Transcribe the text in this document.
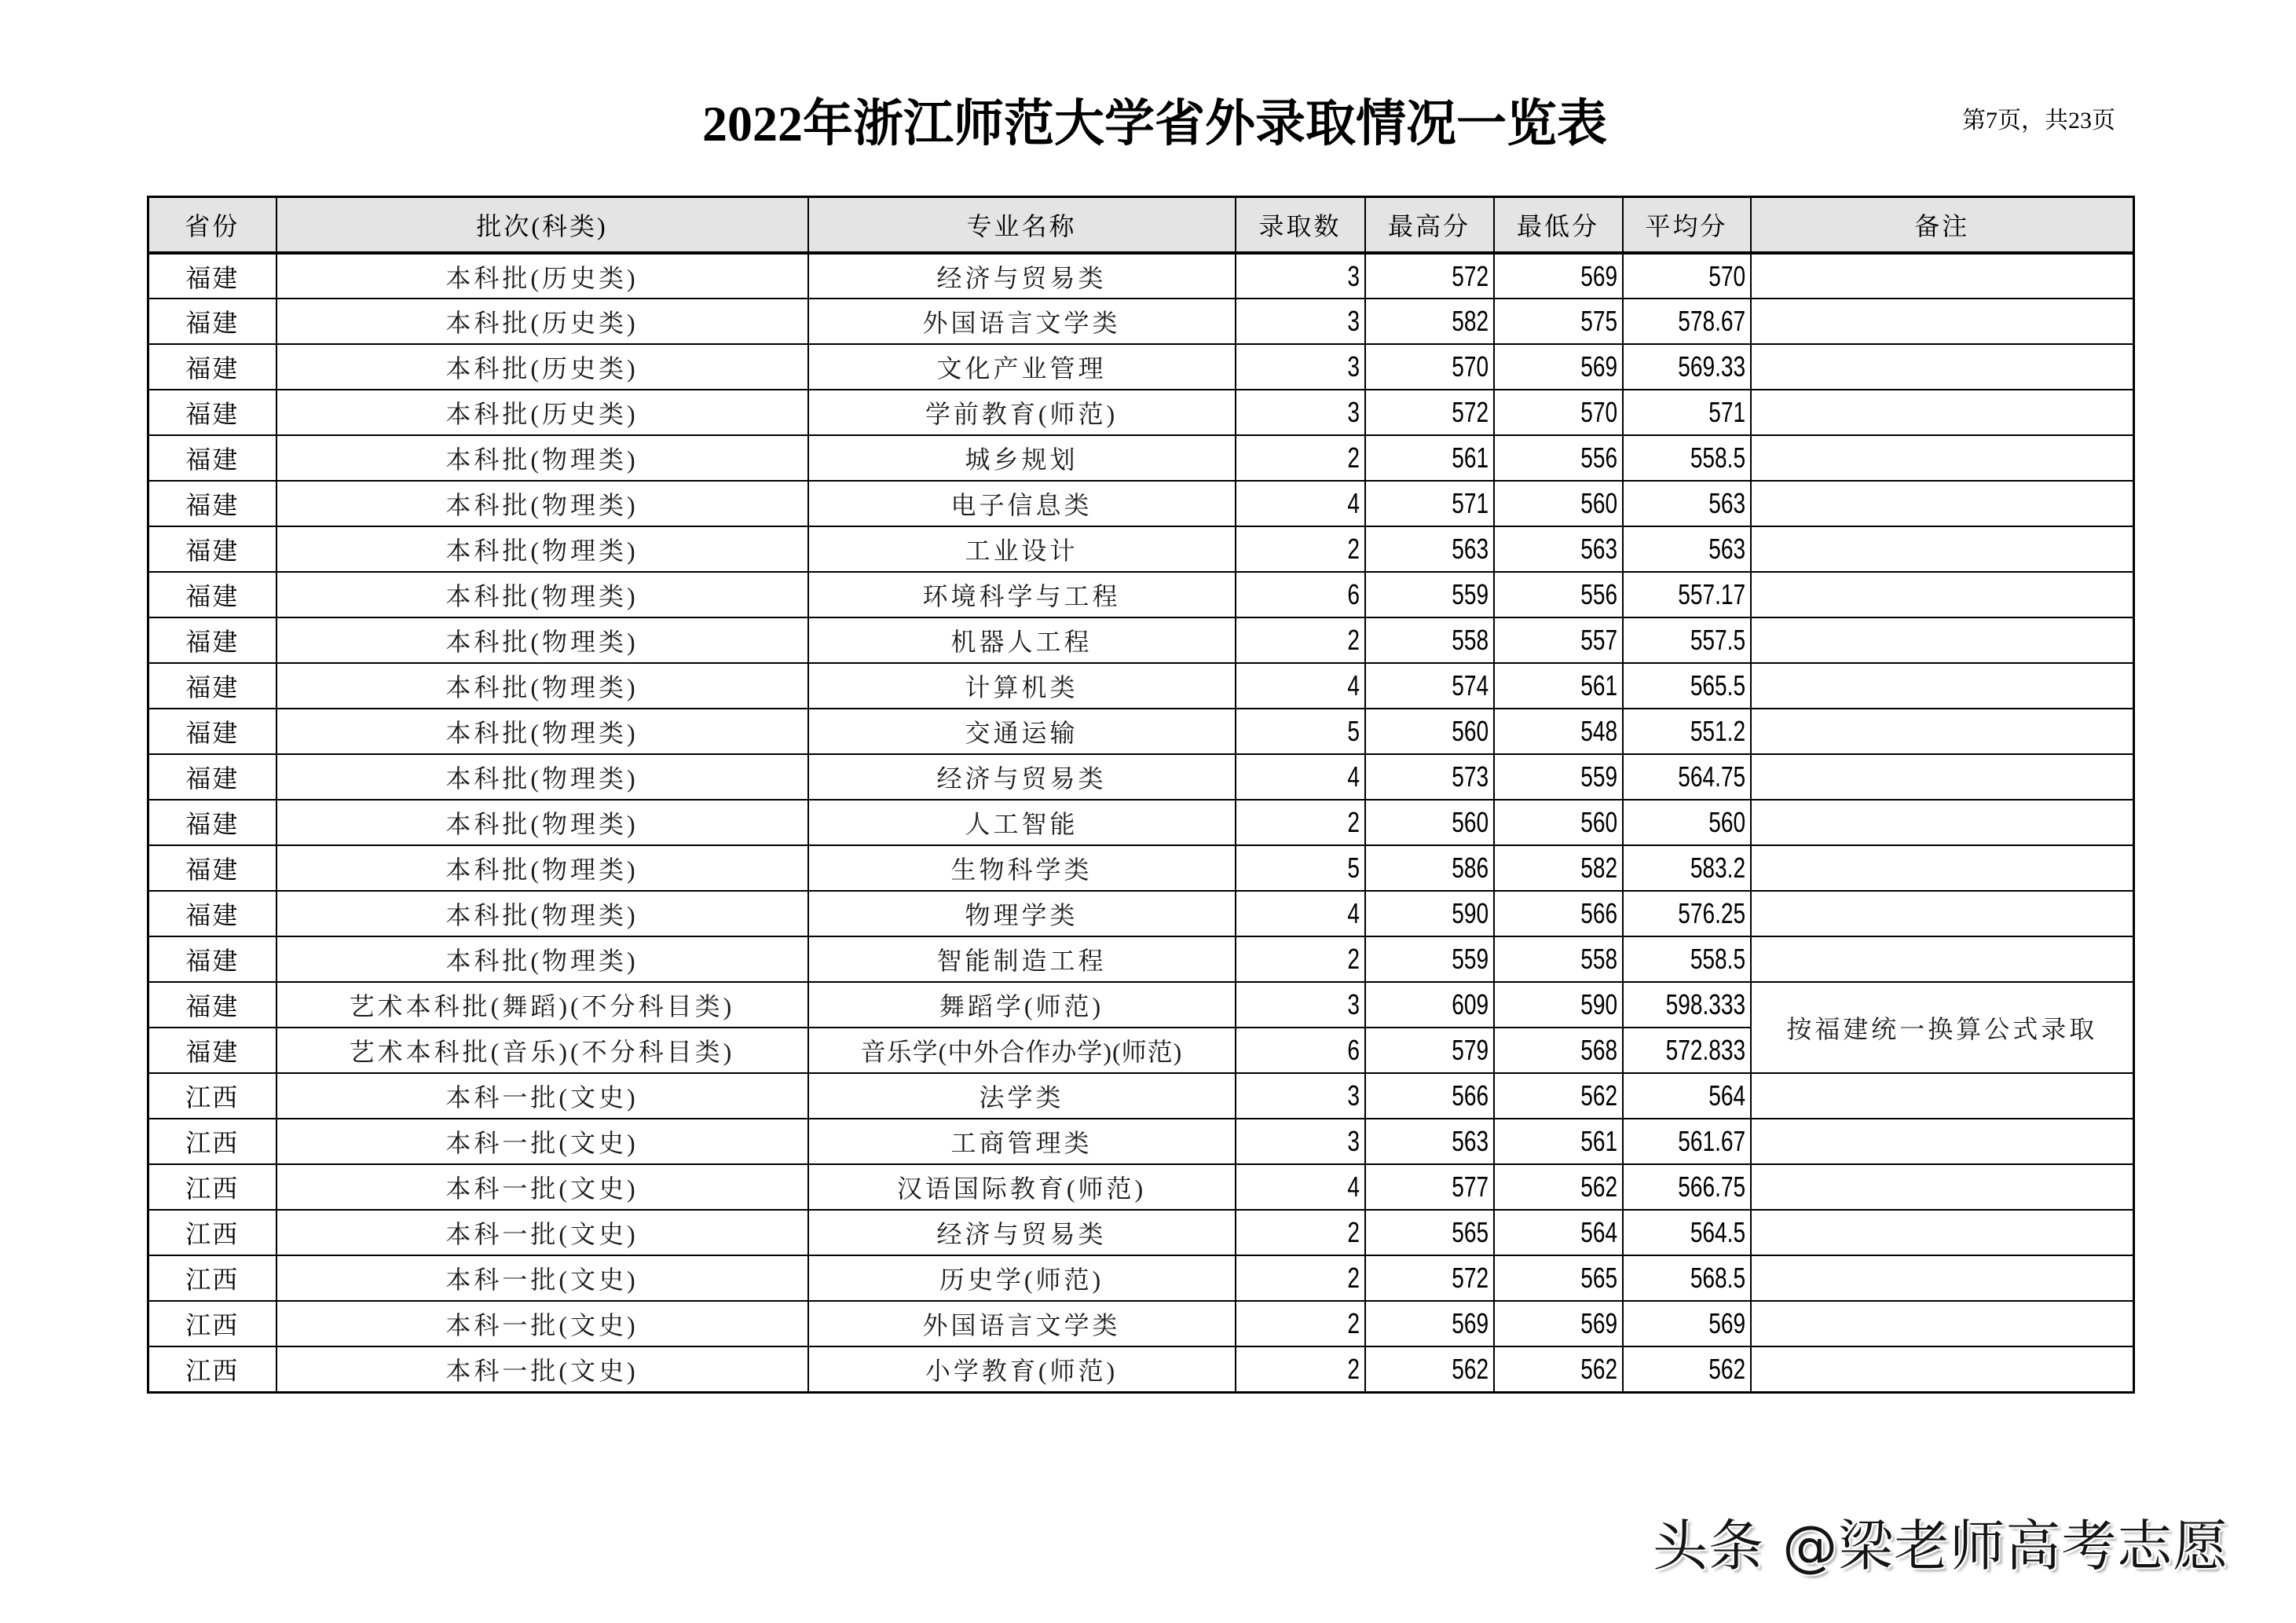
2022年浙江师范大学省外录取情况一览表	第7页，共23页
省份	批次(科类)	专业名称	录取数	最高分	最低分	平均分	备注
福建	本科批(历史类)	经济与贸易类	3	572	569	570	
福建	本科批(历史类)	外国语言文学类	3	582	575	578.67	
福建	本科批(历史类)	文化产业管理	3	570	569	569.33	
福建	本科批(历史类)	学前教育(师范)	3	572	570	571	
福建	本科批(物理类)	城乡规划	2	561	556	558.5	
福建	本科批(物理类)	电子信息类	4	571	560	563	
福建	本科批(物理类)	工业设计	2	563	563	563	
福建	本科批(物理类)	环境科学与工程	6	559	556	557.17	
福建	本科批(物理类)	机器人工程	2	558	557	557.5	
福建	本科批(物理类)	计算机类	4	574	561	565.5	
福建	本科批(物理类)	交通运输	5	560	548	551.2	
福建	本科批(物理类)	经济与贸易类	4	573	559	564.75	
福建	本科批(物理类)	人工智能	2	560	560	560	
福建	本科批(物理类)	生物科学类	5	586	582	583.2	
福建	本科批(物理类)	物理学类	4	590	566	576.25	
福建	本科批(物理类)	智能制造工程	2	559	558	558.5	
福建	艺术本科批(舞蹈)(不分科目类)	舞蹈学(师范)	3	609	590	598.333	按福建统一换算公式录取
福建	艺术本科批(音乐)(不分科目类)	音乐学(中外合作办学)(师范)	6	579	568	572.833	
江西	本科一批(文史)	法学类	3	566	562	564	
江西	本科一批(文史)	工商管理类	3	563	561	561.67	
江西	本科一批(文史)	汉语国际教育(师范)	4	577	562	566.75	
江西	本科一批(文史)	经济与贸易类	2	565	564	564.5	
江西	本科一批(文史)	历史学(师范)	2	572	565	568.5	
江西	本科一批(文史)	外国语言文学类	2	569	569	569	
江西	本科一批(文史)	小学教育(师范)	2	562	562	562	
头条 @梁老师高考志愿
